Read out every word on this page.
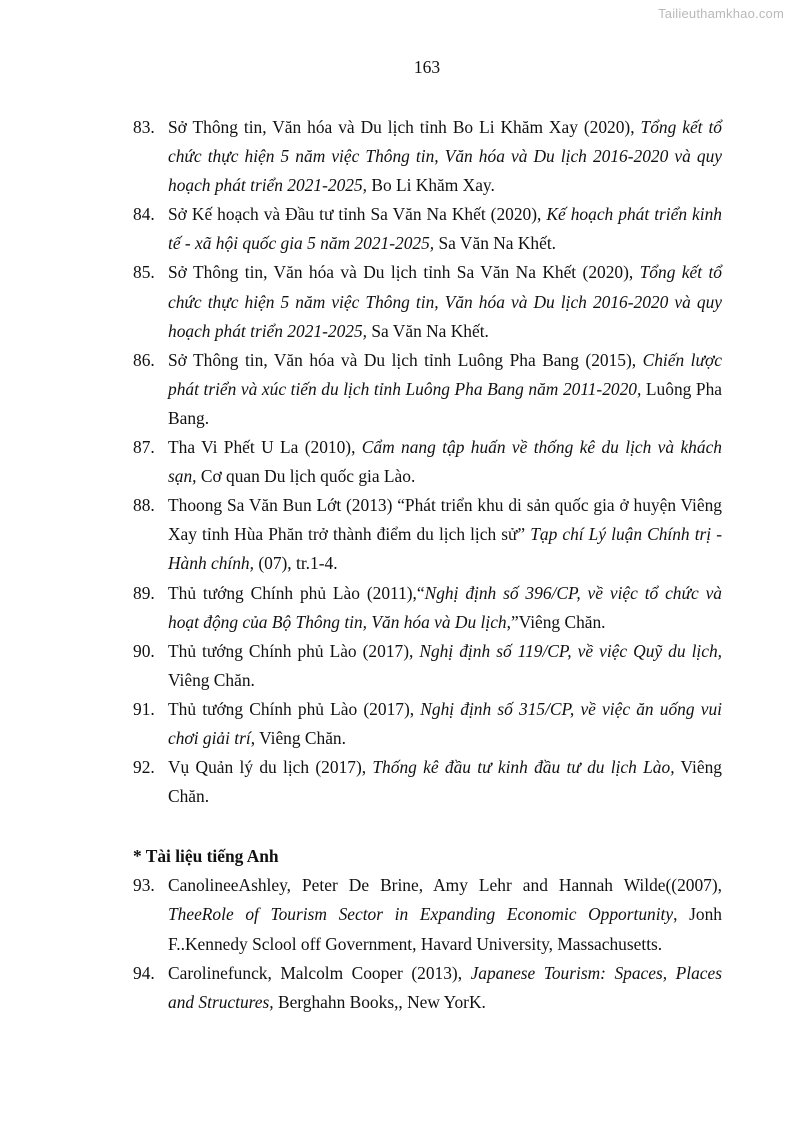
Tailieuthamkhao.com
163
83. Sở Thông tin, Văn hóa và Du lịch tỉnh Bo Li Khăm Xay (2020), Tổng kết tổ chức thực hiện 5 năm việc Thông tin, Văn hóa và Du lịch 2016-2020 và quy hoạch phát triển 2021-2025, Bo Li Khăm Xay.
84. Sở Kế hoạch và Đầu tư tỉnh Sa Văn Na Khết (2020), Kế hoạch phát triển kinh tế - xã hội quốc gia 5 năm 2021-2025, Sa Văn Na Khết.
85. Sở Thông tin, Văn hóa và Du lịch tỉnh Sa Văn Na Khết (2020), Tổng kết tổ chức thực hiện 5 năm việc Thông tin, Văn hóa và Du lịch 2016-2020 và quy hoạch phát triển 2021-2025, Sa Văn Na Khết.
86. Sở Thông tin, Văn hóa và Du lịch tỉnh Luông Pha Bang (2015), Chiến lược phát triển và xúc tiến du lịch tỉnh Luông Pha Bang năm 2011-2020, Luông Pha Bang.
87. Tha Vi Phết U La (2010), Cẩm nang tập huấn về thống kê du lịch và khách sạn, Cơ quan Du lịch quốc gia Lào.
88. Thoong Sa Văn Bun Lớt (2013) “Phát triển khu di sản quốc gia ở huyện Viêng Xay tỉnh Hùa Phăn trở thành điểm du lịch lịch sử” Tạp chí Lý luận Chính trị - Hành chính, (07), tr.1-4.
89. Thủ tướng Chính phủ Lào (2011),“Nghị định số 396/CP, về việc tổ chức và hoạt động của Bộ Thông tin, Văn hóa và Du lịch,”Viêng Chăn.
90. Thủ tướng Chính phủ Lào (2017), Nghị định số 119/CP, về việc Quỹ du lịch, Viêng Chăn.
91. Thủ tướng Chính phủ Lào (2017), Nghị định số 315/CP, về việc ăn uống vui chơi giải trí, Viêng Chăn.
92. Vụ Quản lý du lịch (2017), Thống kê đầu tư kinh đầu tư du lịch Lào, Viêng Chăn.
* Tài liệu tiếng Anh
93. CanolineeAshley, Peter De Brine, Amy Lehr and Hannah Wilde((2007), TheeRole of Tourism Sector in Expanding Economic Opportunity, Jonh F..Kennedy Sclool off Government, Havard University, Massachusetts.
94. Carolinefunck, Malcolm Cooper (2013), Japanese Tourism: Spaces, Places and Structures, Berghahn Books,, New YorK.
